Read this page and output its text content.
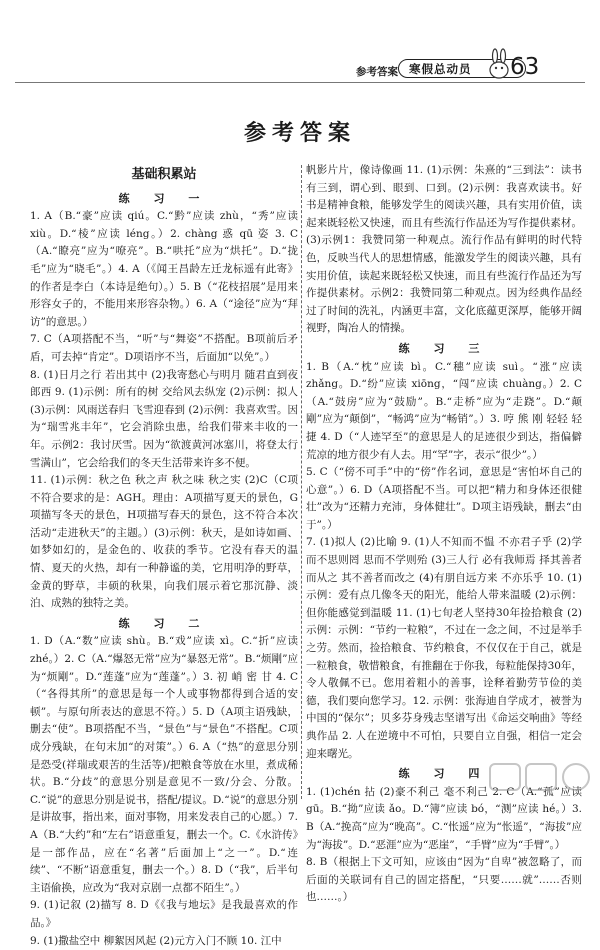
参考答案 寒假总动员 63
参考答案
基础积累站
练 习 一

1. A（B.“豪”应读 qiú。C.“黔”应读 zhù，“秀”应读 xiù。D.“棱”应读 léng。）2. chàng 惑 qū 姿 3. C（A.“瞭亮”应为“嘹亮”。B.“哄托”应为“烘托”。D.“拢毛”应为“晓毛”。）4. A（《闻王昌龄左迁龙标遥有此寄》的作者是李白（本诗是绝句）。）5. B（“花枝招展”是用来形容女子的，不能用来形容杂物。）6. A（“途径”应为“拜访”的意思。）

7. C（A项搭配不当，“听”与“舞姿”不搭配。B项前后矛盾，可去掉“肯定”。D项语序不当，后面加“以免”。）

8. (1)日月之行 若出其中 (2)我寄愁心与明月 随君直到夜郎西 9. (1)示例：所有的树 交给风去纵宠 (2)示例：拟人 (3)示例：风雨送春归 飞雪迎春到 (2)示例：我喜欢雪。因为“瑞雪兆丰年”，它会消除虫患，给我们带来丰收的一年。示例2：我讨厌雪。因为“欲渡黄河冰塞川，将登太行雪满山”，它会给我们的冬天生活带来许多不便。

11. (1)示例：秋之色 秋之声 秋之味 秋之实 (2)C（C项不符合要求的是：AGH。理由：A项描写夏天的景色，G项描写冬天的景色，H项描写春天的景色，这不符合本次活动“走进秋天”的主题。）(3)示例：秋天，是如诗如画、如梦如幻的，是金色的、收获的季节。它没有春天的温情、夏天的火热，却有一种静谧的美，它用明净的野草，金黄的野草，丰硕的秋果，向我们展示着它那沉静、淡泊、成熟的独特之美。

练 习 二

1. D（A.“数”应读 shù。B.“戏”应读 xì。C.“折”应读 zhé。）2. C（A.“爆怒无常”应为“暴怒无常”。B.“烦剛”应为“烦剛”。D.“莲蓬”应为“莲蓬”。）3. 初 峭 密 甘 4. C（“各得其所”的意思是每一个人或事物都得到合适的安顿”。与原句所表达的意思不符。）5. D（A项主语残缺，删去“使”。B项搭配不当，“景色”与“景色”不搭配。C项成分残缺，在句末加“的对策”。）6. A（“热”的意思分别是恐受(祥瑞或艰苦的生活等)/把粮食等放在水里，煮成稀状。B.“分歧”的意思分别是意见不一致/分会、分散。C.“说”的意思分别是说书，搭配/提议。D.“说”的意思分别是讲故事，指出来，面对事物，用来发表自己的心愿。）7. A（B.“大约”和“左右”语意重复，删去一个。C.《水浒传》是一部作品，应在“名著”后面加上“之一”。D.“连续”、“不断”语意重复，删去一个。）8. D（“我”，后半句主语偷换，应改为“我对京剧一点都不陌生”。）

9. (1)记叙 (2)描写 8. D《《我与地坛》是我最喜欢的作品。》

9. (1)撒盐空中 柳絮因风起 (2)元方入门不顾 10. 江中

帆影片片，像诗像画 11. (1)示例：朱熹的“三到法”：读书有三到，谓心到、眼到、口到。(2)示例：我喜欢读书。好书是精神食粮，能够发学生的阅读兴趣，具有实用价值，读起来既轻松又快速，而且有些流行作品还为写作提供素材。(3)示例1：我赞同第一种观点。流行作品有鲜明的时代特色，反映当代人的思想情感，能激发学生的阅读兴趣，具有实用价值，读起来既轻松又快速，而且有些流行作品还为写作提供素材。示例2：我赞同第二种观点。因为经典作品经过了时间的洗礼，内涵更丰富，文化底蕴更深厚，能够开阔视野，陶冶人的情操。

练 习 三

1. B（A.“枕”应读 bì。C.“穗”应读 suì。“涨”应读 zhǎng。D.“纷”应读 xiōng，“闯”应读 chuàng。）2. C（A.“鼓房”应为“鼓励”。B.“走桥”应为“走跷”。D.“颠剛”应为“颠倒”，“畅鸿”应为“畅销”。）3. 哼 熊 刚 轻轻 轻捷 4. D（“人迹罕至”的意思是人的足迹很少到达，指偏僻荒凉的地方很少有人去。用“罕”字，表示“很少”。）

5. C（“傍不可手”中的“傍”作名词，意思是“害怕坏自己的心意”。）6. D（A项搭配不当。可以把“精力和身体还很健壮”改为“还精力充沛，身体健壮”。D项主语残缺，删去“由于”。）

7. (1)拟人 (2)比喻 9. (1)人不知而不愠 不亦君子乎 (2)学而不思则罔 思而不学则殆 (3)三人行 必有我师焉 择其善者而从之 其不善者而改之 (4)有朋自远方来 不亦乐乎 10. (1)示例：爱有点几像冬天的阳光，能给人带来温暖 (2)示例：但你能感觉到温暖 11. (1)七旬老人坚持30年捡拾粮食 (2)示例：示例：“节约一粒粮”，不过在一念之间，不过是举手之劳。然而，捡拾粮食、节约粮食，不仅仅在于自己，就是一粒粮食，敬惜粮食，有推翻在于你我，每粒能保持30年，令人敬佩不已。您用着粗小的善事，诠释着勤劳节俭的美德，我们要向您学习。12. 示例：张海迪自学成才，被誉为中国的“保尔”；贝多芬身残志坚谱写出《命运交响曲》等经典作品 2. 人在逆境中不可怕，只要自立自强，相信一定会迎来曙光。

练 习 四

1. (1)chén 拈 (2)豪不利己 毫不利己 2. C（A.“孤”应读 gū。B.“拗”应读 ǎo。D.“簿”应读 bó，“测”应读 hé。）3. B（A.“挽高”应为“晚高”。C.“怅遥”应为“怅遥”，“海拔”应为“海拔”。D.“恶涯”应为“恶崖”，“手臂”应为“手臂”。）

8. B（根据上下文可知，应该由“因为“自卑”被忽略了，而后面的关联词有自己的固定搭配，“只要……就”……否则也……。）
